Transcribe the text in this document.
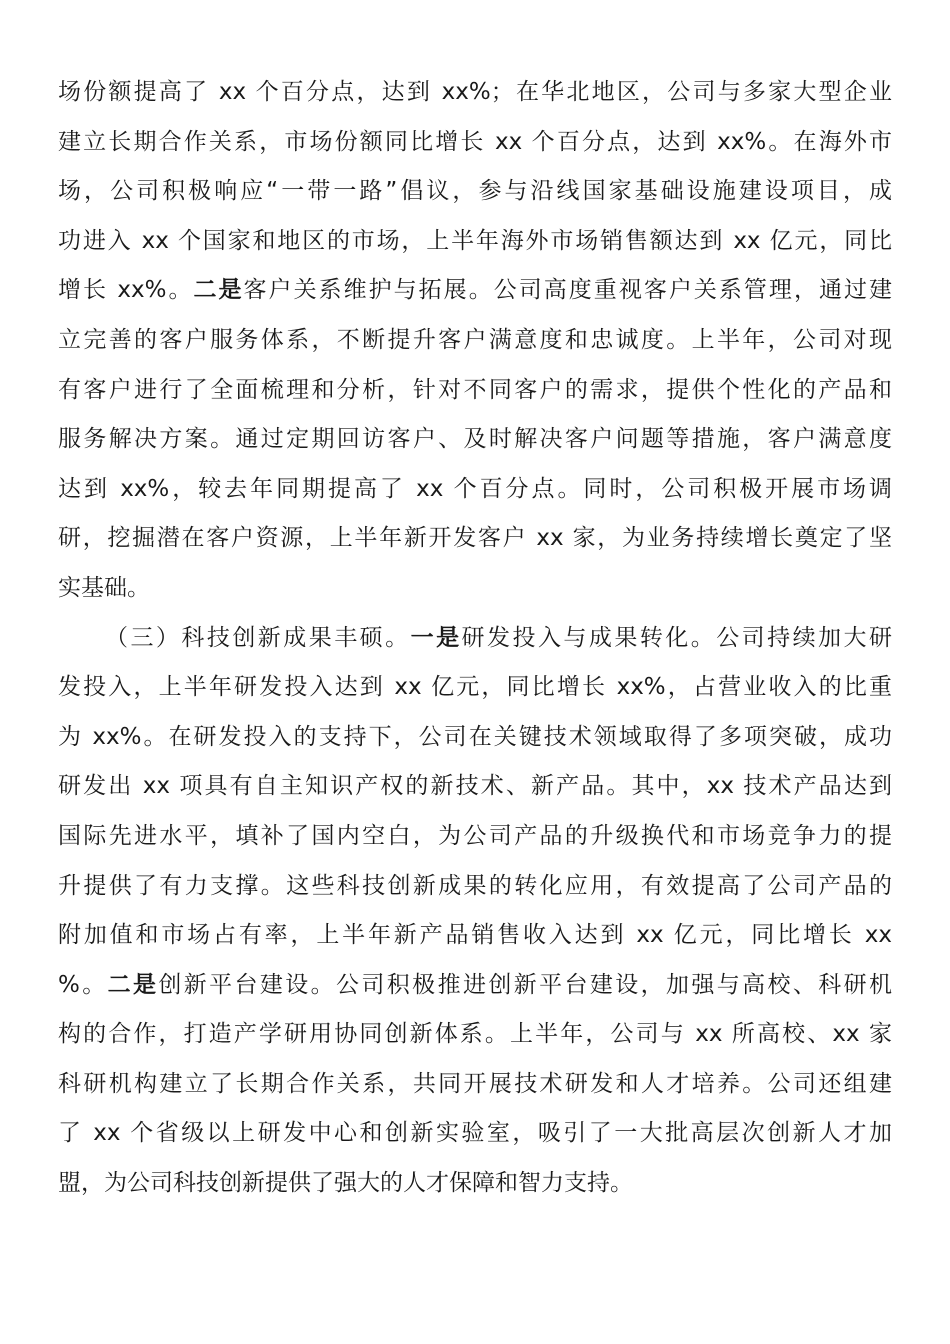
场份额提高了 xx 个百分点，达到 xx%；在华北地区，公司与多家大型企业
建立长期合作关系，市场份额同比增长 xx 个百分点，达到 xx%。在海外市
场，公司积极响应“一带一路”倡议，参与沿线国家基础设施建设项目，成
功进入 xx 个国家和地区的市场，上半年海外市场销售额达到 xx 亿元，同比
增长 xx%。二是客户关系维护与拓展。公司高度重视客户关系管理，通过建
立完善的客户服务体系，不断提升客户满意度和忠诚度。上半年，公司对现
有客户进行了全面梳理和分析，针对不同客户的需求，提供个性化的产品和
服务解决方案。通过定期回访客户、及时解决客户问题等措施，客户满意度
达到 xx%，较去年同期提高了 xx 个百分点。同时，公司积极开展市场调
研，挖掘潜在客户资源，上半年新开发客户 xx 家，为业务持续增长奠定了坚
实基础。
（三）科技创新成果丰硕。一是研发投入与成果转化。公司持续加大研
发投入，上半年研发投入达到 xx 亿元，同比增长 xx%，占营业收入的比重
为 xx%。在研发投入的支持下，公司在关键技术领域取得了多项突破，成功
研发出 xx 项具有自主知识产权的新技术、新产品。其中，xx 技术产品达到
国际先进水平，填补了国内空白，为公司产品的升级换代和市场竞争力的提
升提供了有力支撑。这些科技创新成果的转化应用，有效提高了公司产品的
附加值和市场占有率，上半年新产品销售收入达到 xx 亿元，同比增长 xx
%。二是创新平台建设。公司积极推进创新平台建设，加强与高校、科研机
构的合作，打造产学研用协同创新体系。上半年，公司与 xx 所高校、xx 家
科研机构建立了长期合作关系，共同开展技术研发和人才培养。公司还组建
了 xx 个省级以上研发中心和创新实验室，吸引了一大批高层次创新人才加
盟，为公司科技创新提供了强大的人才保障和智力支持。
